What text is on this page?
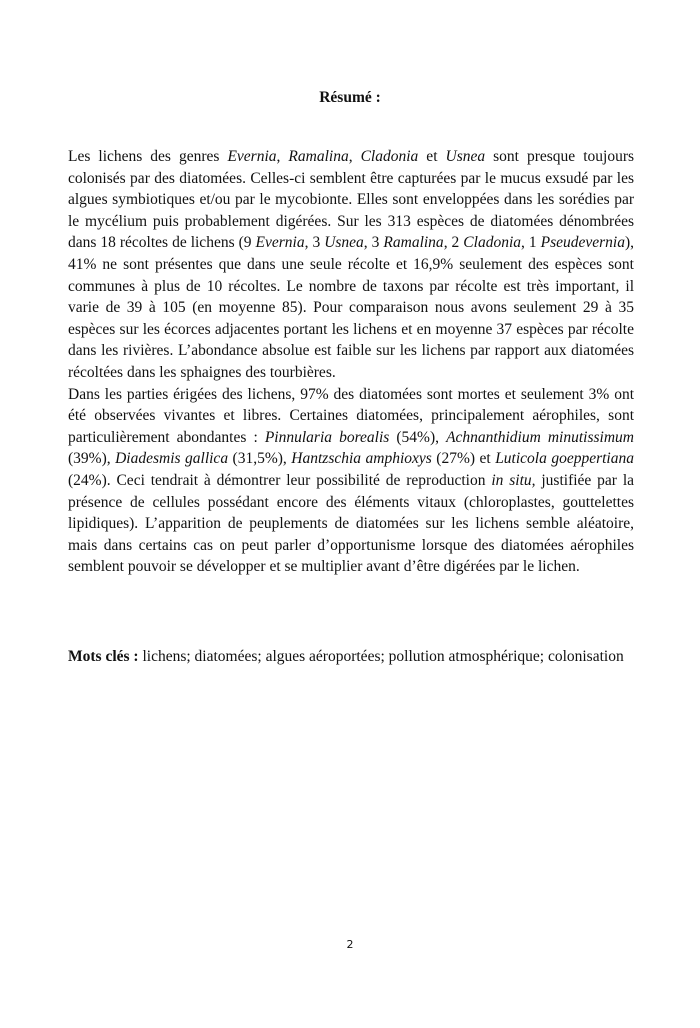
Résumé :

Les lichens des genres Evernia, Ramalina, Cladonia et Usnea sont presque toujours colonisés par des diatomées. Celles-ci semblent être capturées par le mucus exsudé par les algues symbiotiques et/ou par le mycobionte. Elles sont enveloppées dans les sorédies par le mycélium puis probablement digérées. Sur les 313 espèces de diatomées dénombrées dans 18 récoltes de lichens (9 Evernia, 3 Usnea, 3 Ramalina, 2 Cladonia, 1 Pseudevernia), 41% ne sont présentes que dans une seule récolte et 16,9% seulement des espèces sont communes à plus de 10 récoltes. Le nombre de taxons par récolte est très important, il varie de 39 à 105 (en moyenne 85). Pour comparaison nous avons seulement 29 à 35 espèces sur les écorces adjacentes portant les lichens et en moyenne 37 espèces par récolte dans les rivières. L’abondance absolue est faible sur les lichens par rapport aux diatomées récoltées dans les sphaignes des tourbières.

Dans les parties érigées des lichens, 97% des diatomées sont mortes et seulement 3% ont été observées vivantes et libres. Certaines diatomées, principalement aérophiles, sont particulièrement abondantes : Pinnularia borealis (54%), Achnanthidium minutissimum (39%), Diadesmis gallica (31,5%), Hantzschia amphioxys (27%) et Luticola goeppertiana (24%). Ceci tendrait à démontrer leur possibilité de reproduction in situ, justifiée par la présence de cellules possédant encore des éléments vitaux (chloroplastes, gouttelettes lipidiques). L’apparition de peuplements de diatomées sur les lichens semble aléatoire, mais dans certains cas on peut parler d’opportunisme lorsque des diatomées aérophiles semblent pouvoir se développer et se multiplier avant d’être digérées par le lichen.

Mots clés : lichens; diatomées; algues aéroportées; pollution atmosphérique; colonisation
2
